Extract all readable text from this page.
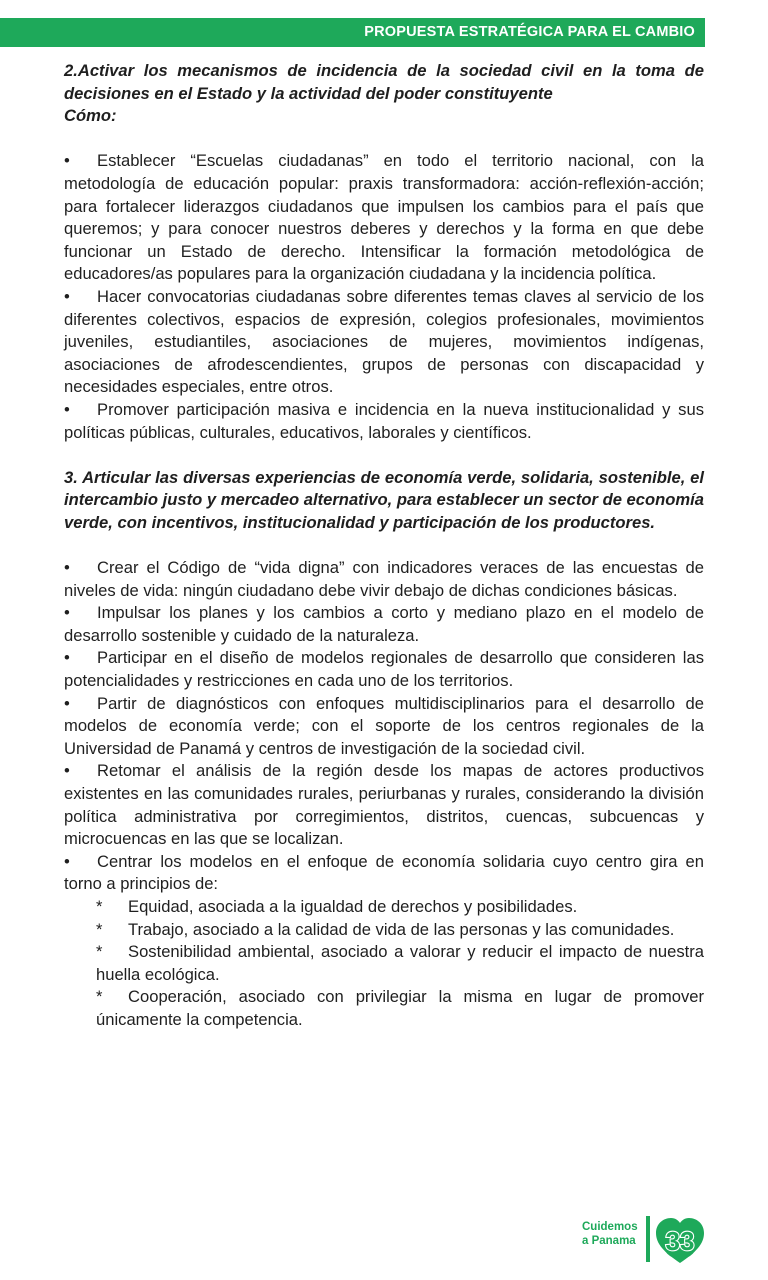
PROPUESTA ESTRATÉGICA PARA EL CAMBIO

2.Activar los mecanismos de incidencia de la sociedad civil en la toma de decisiones en el Estado y la actividad del poder constituyente

Cómo:

• Establecer “Escuelas ciudadanas” en todo el territorio nacional, con la metodología de educación popular: praxis transformadora: acción-reflexión-acción; para fortalecer liderazgos ciudadanos que impulsen los cambios para el país que queremos; y para conocer nuestros deberes y derechos y la forma en que debe funcionar un Estado de derecho. Intensificar la formación metodológica de educadores/as populares para la organización ciudadana y la incidencia política.

• Hacer convocatorias ciudadanas sobre diferentes temas claves al servicio de los diferentes colectivos, espacios de expresión, colegios profesionales, movimientos juveniles, estudiantiles, asociaciones de mujeres, movimientos indígenas, asociaciones de afrodescendientes, grupos de personas con discapacidad y necesidades especiales, entre otros.

• Promover participación masiva e incidencia en la nueva institucionalidad y sus políticas públicas, culturales, educativos, laborales y científicos.

3. Articular las diversas experiencias de economía verde, solidaria, sostenible, el intercambio justo y mercadeo alternativo, para establecer un sector de economía verde, con incentivos, institucionalidad y participación de los productores.

• Crear el Código de “vida digna” con indicadores veraces de las encuestas de niveles de vida: ningún ciudadano debe vivir debajo de dichas condiciones básicas.

• Impulsar los planes y los cambios a corto y mediano plazo en el modelo de desarrollo sostenible y cuidado de la naturaleza.

• Participar en el diseño de modelos regionales de desarrollo que consideren las potencialidades y restricciones en cada uno de los territorios.

• Partir de diagnósticos con enfoques multidisciplinarios para el desarrollo de modelos de economía verde; con el soporte de los centros regionales de la Universidad de Panamá y centros de investigación de la sociedad civil.

• Retomar el análisis de la región desde los mapas de actores productivos existentes en las comunidades rurales, periurbanas y rurales, considerando la división política administrativa por corregimientos, distritos, cuencas, subcuencas y microcuencas en las que se localizan.

• Centrar los modelos en el enfoque de economía solidaria cuyo centro gira en torno a principios de:

* Equidad, asociada a la igualdad de derechos y posibilidades.

* Trabajo, asociado a la calidad de vida de las personas y las comunidades.

* Sostenibilidad ambiental, asociado a valorar y reducir el impacto de nuestra huella ecológica.

* Cooperación, asociado con privilegiar la misma en lugar de promover únicamente la competencia.

Cuidemos
a Panama 33
